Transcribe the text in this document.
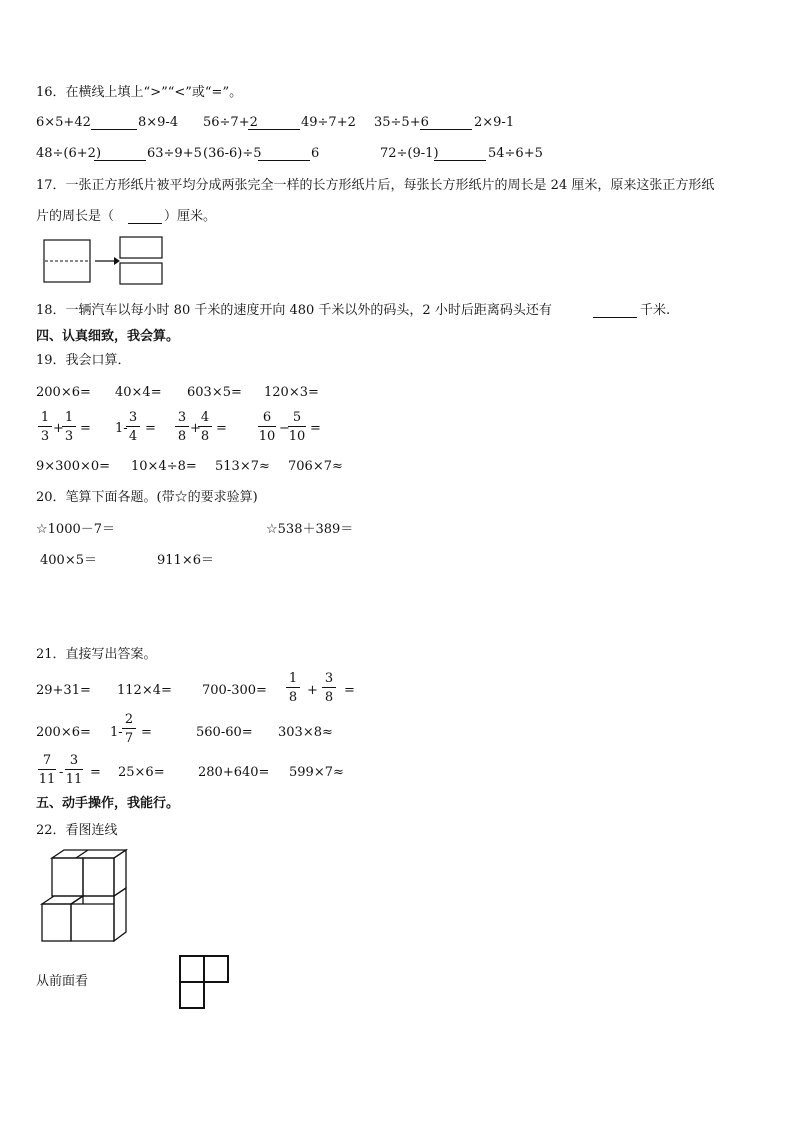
16．在横线上填上“>”“<”或“=”。
6×5+42	8×9-4 56÷7+2	49÷7+2 35÷5+6	2×9-1
48÷(6+2)	63÷9+5 (36-6)÷5	6	72÷(9-1)	54÷6+5
17．一张正方形纸片被平均分成两张完全一样的长方形纸片后，每张长方形纸片的周长是 24 厘米，原来这张正方形纸
片的周长是（	）厘米。
18．一辆汽车以每小时 80 千米的速度开向 480 千米以外的码头，2 小时后距离码头还有	千米.
四、认真细致，我会算。
19．我会口算．
200×6= 40×4= 603×5= 120×3=
1
3
+
1
3
= 1-
3
4
=
3
8
+
4
8
=
6
10
−
5
10
=
9×300×0= 10×4÷8= 513×7≈ 706×7≈
20．笔算下面各题。(带☆的要求验算)
☆1000－7＝	☆538＋389＝
400×5＝	911×6＝
21．直接写出答案。
29+31= 112×4= 700-300=
1
8 +
3
8 =
200×6= 1-
2
7 =	560-60= 303×8≈
7
11 -
3
11 = 25×6=	280+640= 599×7≈
五、动手操作，我能行。
22．看图连线
从前面看
